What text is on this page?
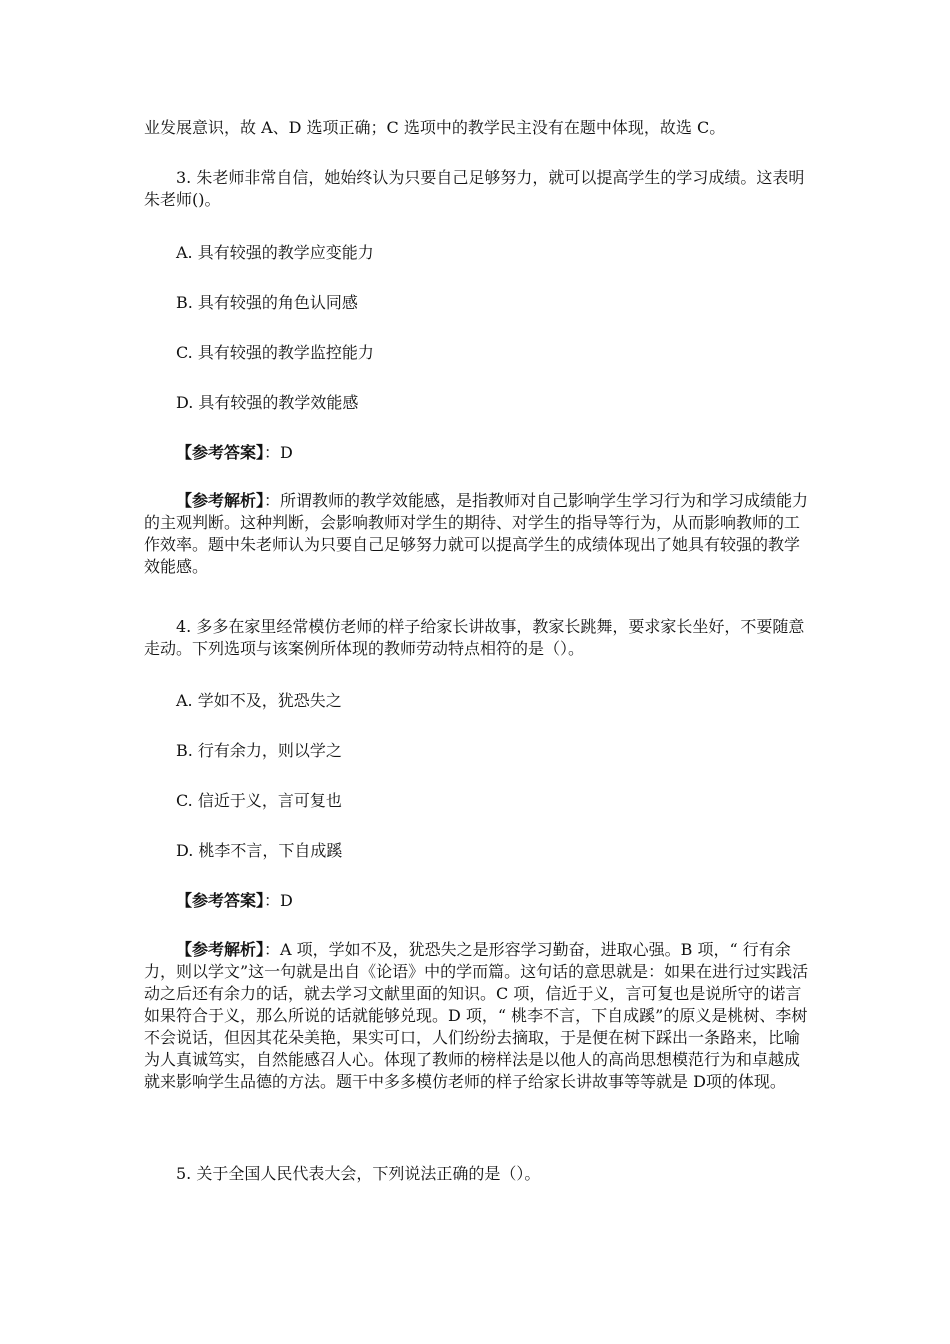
业发展意识，故 A、D 选项正确；C 选项中的教学民主没有在题中体现，故选 C。

3. 朱老师非常自信，她始终认为只要自己足够努力，就可以提高学生的学习成绩。这表明朱老师()。

A. 具有较强的教学应变能力

B. 具有较强的角色认同感

C. 具有较强的教学监控能力

D. 具有较强的教学效能感

【参考答案】：D

【参考解析】：所谓教师的教学效能感，是指教师对自己影响学生学习行为和学习成绩能力的主观判断。这种判断，会影响教师对学生的期待、对学生的指导等行为，从而影响教师的工作效率。题中朱老师认为只要自己足够努力就可以提高学生的成绩体现出了她具有较强的教学效能感。

4. 多多在家里经常模仿老师的样子给家长讲故事，教家长跳舞，要求家长坐好，不要随意走动。下列选项与该案例所体现的教师劳动特点相符的是（）。

A. 学如不及，犹恐失之

B. 行有余力，则以学之

C. 信近于义，言可复也

D. 桃李不言，下自成蹊

【参考答案】：D

【参考解析】：A 项，学如不及，犹恐失之是形容学习勤奋，进取心强。B 项，“ 行有余力，则以学文”这一句就是出自《论语》中的学而篇。这句话的意思就是：如果在进行过实践活动之后还有余力的话，就去学习文献里面的知识。C 项，信近于义，言可复也是说所守的诺言如果符合于义，那么所说的话就能够兑现。D 项，“ 桃李不言，下自成蹊”的原义是桃树、李树不会说话，但因其花朵美艳，果实可口，人们纷纷去摘取，于是便在树下踩出一条路来，比喻为人真诚笃实，自然能感召人心。体现了教师的榜样法是以他人的高尚思想模范行为和卓越成就来影响学生品德的方法。题干中多多模仿老师的样子给家长讲故事等等就是 D项的体现。

5. 关于全国人民代表大会，下列说法正确的是（）。
